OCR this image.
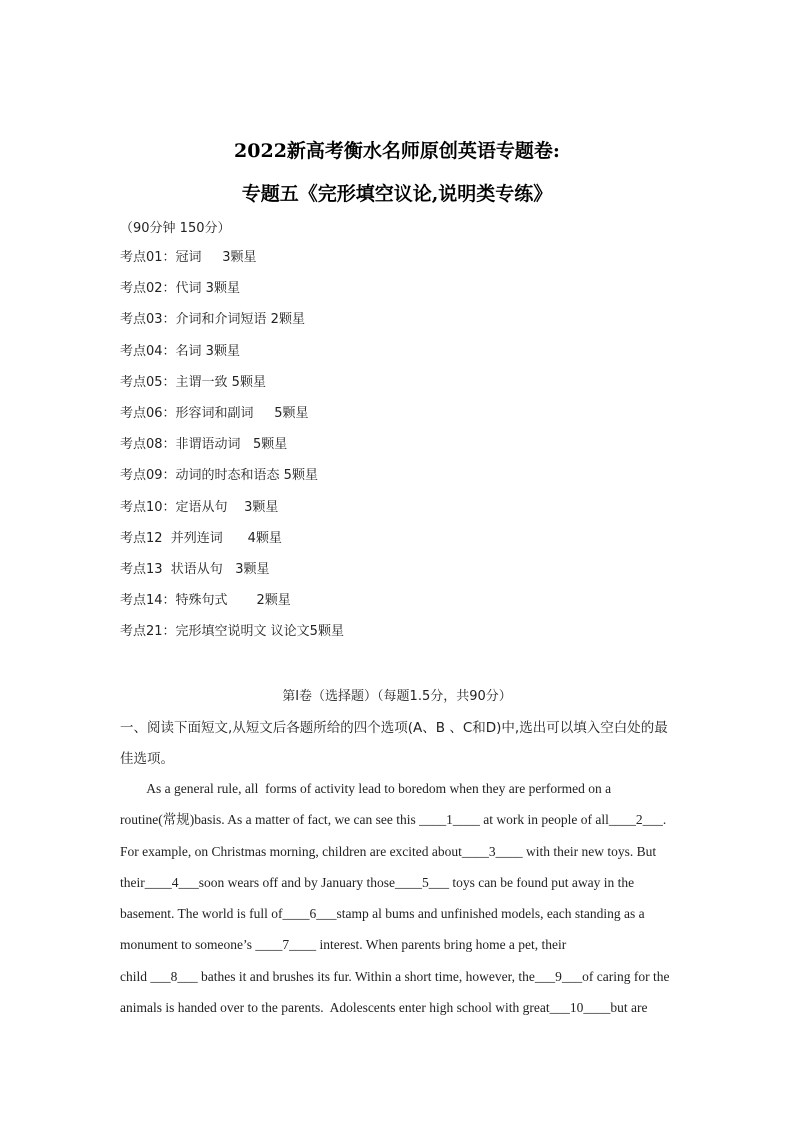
2022新高考衡水名师原创英语专题卷:
专题五《完形填空议论,说明类专练》
（90分钟 150分）
考点01：冠词     3颗星
考点02：代词 3颗星
考点03：介词和介词短语 2颗星
考点04：名词 3颗星
考点05：主谓一致 5颗星
考点06：形容词和副词     5颗星
考点08：非谓语动词   5颗星
考点09：动词的时态和语态 5颗星
考点10：定语从句    3颗星
考点12  并列连词      4颗星
考点13  状语从句   3颗星
考点14：特殊句式       2颗星
考点21：完形填空说明文 议论文5颗星
第Ⅰ卷（选择题）（每题1.5分，共90分）
一、阅读下面短文,从短文后各题所给的四个选项(A、B 、C和D)中,选出可以填入空白处的最佳选项。
As a general rule, all  forms of activity lead to boredom when they are performed on a
routine(常规)basis. As a matter of fact, we can see this ____1____ at work in people of all____2___.
For example, on Christmas morning, children are excited about____3____ with their new toys. But
their____4___soon wears off and by January those____5___ toys can be found put away in the
basement. The world is full of____6___stamp al bums and unfinished models, each standing as a
monument to someone’s ____7____ interest. When parents bring home a pet, their
child ___8___ bathes it and brushes its fur. Within a short time, however, the___9___of caring for the
animals is handed over to the parents.  Adolescents enter high school with great___10____but are
